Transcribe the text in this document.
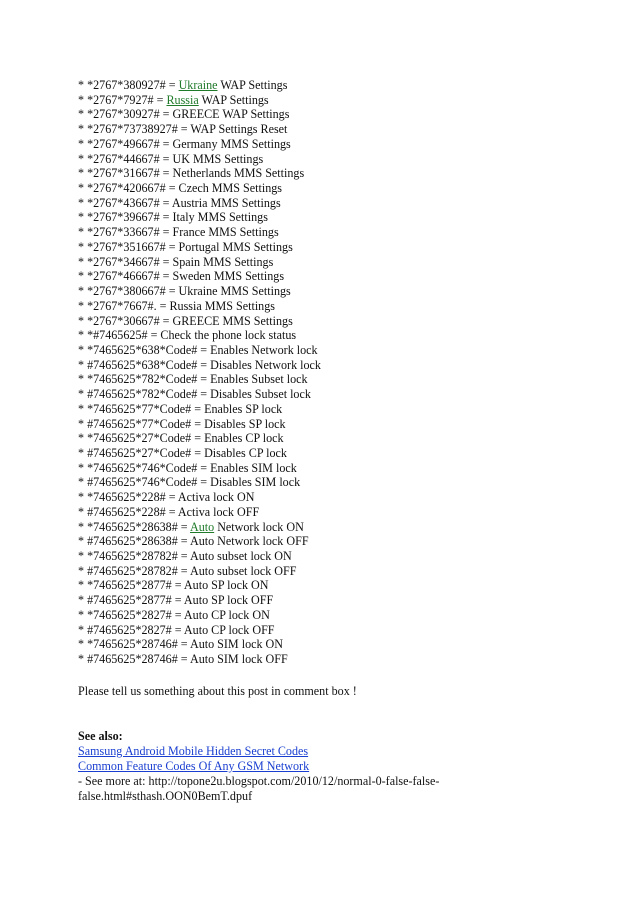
* *2767*380927# = Ukraine WAP Settings
* *2767*7927# = Russia WAP Settings
* *2767*30927# = GREECE WAP Settings
* *2767*73738927# = WAP Settings Reset
* *2767*49667# = Germany MMS Settings
* *2767*44667# = UK MMS Settings
* *2767*31667# = Netherlands MMS Settings
* *2767*420667# = Czech MMS Settings
* *2767*43667# = Austria MMS Settings
* *2767*39667# = Italy MMS Settings
* *2767*33667# = France MMS Settings
* *2767*351667# = Portugal MMS Settings
* *2767*34667# = Spain MMS Settings
* *2767*46667# = Sweden MMS Settings
* *2767*380667# = Ukraine MMS Settings
* *2767*7667#. = Russia MMS Settings
* *2767*30667# = GREECE MMS Settings
* *#7465625# = Check the phone lock status
* *7465625*638*Code# = Enables Network lock
* #7465625*638*Code# = Disables Network lock
* *7465625*782*Code# = Enables Subset lock
* #7465625*782*Code# = Disables Subset lock
* *7465625*77*Code# = Enables SP lock
* #7465625*77*Code# = Disables SP lock
* *7465625*27*Code# = Enables CP lock
* #7465625*27*Code# = Disables CP lock
* *7465625*746*Code# = Enables SIM lock
* #7465625*746*Code# = Disables SIM lock
* *7465625*228# = Activa lock ON
* #7465625*228# = Activa lock OFF
* *7465625*28638# = Auto Network lock ON
* #7465625*28638# = Auto Network lock OFF
* *7465625*28782# = Auto subset lock ON
* #7465625*28782# = Auto subset lock OFF
* *7465625*2877# = Auto SP lock ON
* #7465625*2877# = Auto SP lock OFF
* *7465625*2827# = Auto CP lock ON
* #7465625*2827# = Auto CP lock OFF
* *7465625*28746# = Auto SIM lock ON
* #7465625*28746# = Auto SIM lock OFF
Please tell us something about this post in comment box !
See also:
Samsung Android Mobile Hidden Secret Codes
Common Feature Codes Of Any GSM Network
- See more at: http://topone2u.blogspot.com/2010/12/normal-0-false-false-false.html#sthash.OON0BemT.dpuf
